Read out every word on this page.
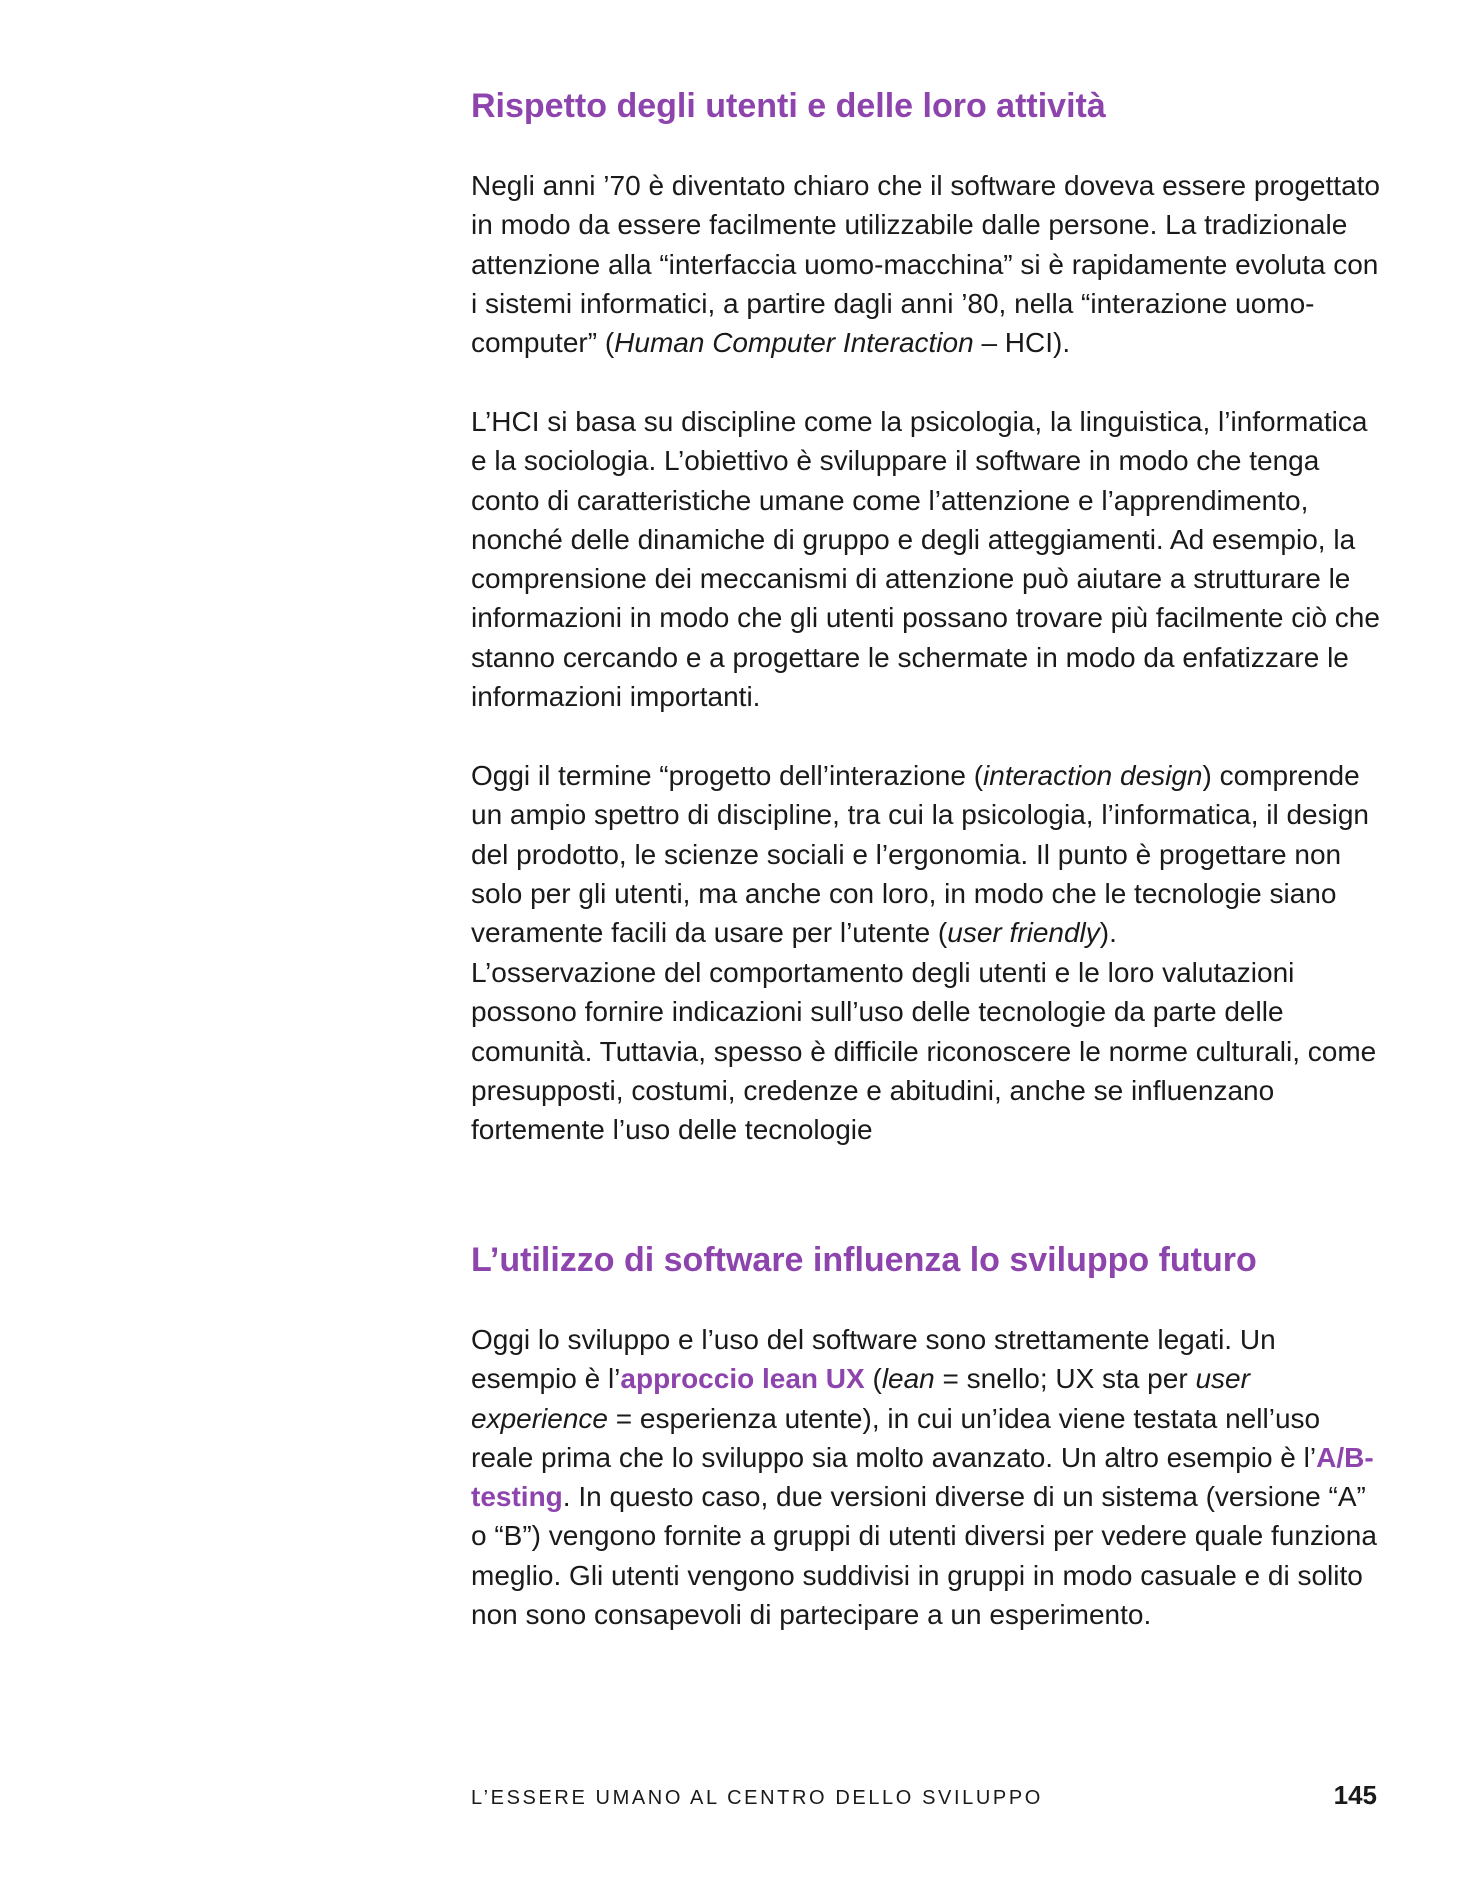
Rispetto degli utenti e delle loro attività

Negli anni ’70 è diventato chiaro che il software doveva essere progettato in modo da essere facilmente utilizzabile dalle persone. La tradizionale attenzione alla “interfaccia uomo-macchina” si è rapidamente evoluta con i sistemi informatici, a partire dagli anni ’80, nella “interazione uomo-computer” (Human Computer Interaction – HCI).

L’HCI si basa su discipline come la psicologia, la linguistica, l’informatica e la sociologia. L’obiettivo è sviluppare il software in modo che tenga conto di caratteristiche umane come l’attenzione e l’apprendimento, nonché delle dinamiche di gruppo e degli atteggiamenti. Ad esempio, la comprensione dei meccanismi di attenzione può aiutare a strutturare le informazioni in modo che gli utenti possano trovare più facilmente ciò che stanno cercando e a progettare le schermate in modo da enfatizzare le informazioni importanti.

Oggi il termine “progetto dell’interazione (interaction design) comprende un ampio spettro di discipline, tra cui la psicologia, l’informatica, il design del prodotto, le scienze sociali e l’ergonomia. Il punto è progettare non solo per gli utenti, ma anche con loro, in modo che le tecnologie siano veramente facili da usare per l’utente (user friendly).

L’osservazione del comportamento degli utenti e le loro valutazioni possono fornire indicazioni sull’uso delle tecnologie da parte delle comunità. Tuttavia, spesso è difficile riconoscere le norme culturali, come presupposti, costumi, credenze e abitudini, anche se influenzano fortemente l’uso delle tecnologie

L’utilizzo di software influenza lo sviluppo futuro

Oggi lo sviluppo e l’uso del software sono strettamente legati. Un esempio è l’approccio lean UX (lean = snello; UX sta per user experience = esperienza utente), in cui un’idea viene testata nell’uso reale prima che lo sviluppo sia molto avanzato. Un altro esempio è l’A/B-testing. In questo caso, due versioni diverse di un sistema (versione “A” o “B”) vengono fornite a gruppi di utenti diversi per vedere quale funziona meglio. Gli utenti vengono suddivisi in gruppi in modo casuale e di solito non sono consapevoli di partecipare a un esperimento.

L’ESSERE UMANO AL CENTRO DELLO SVILUPPO	145
